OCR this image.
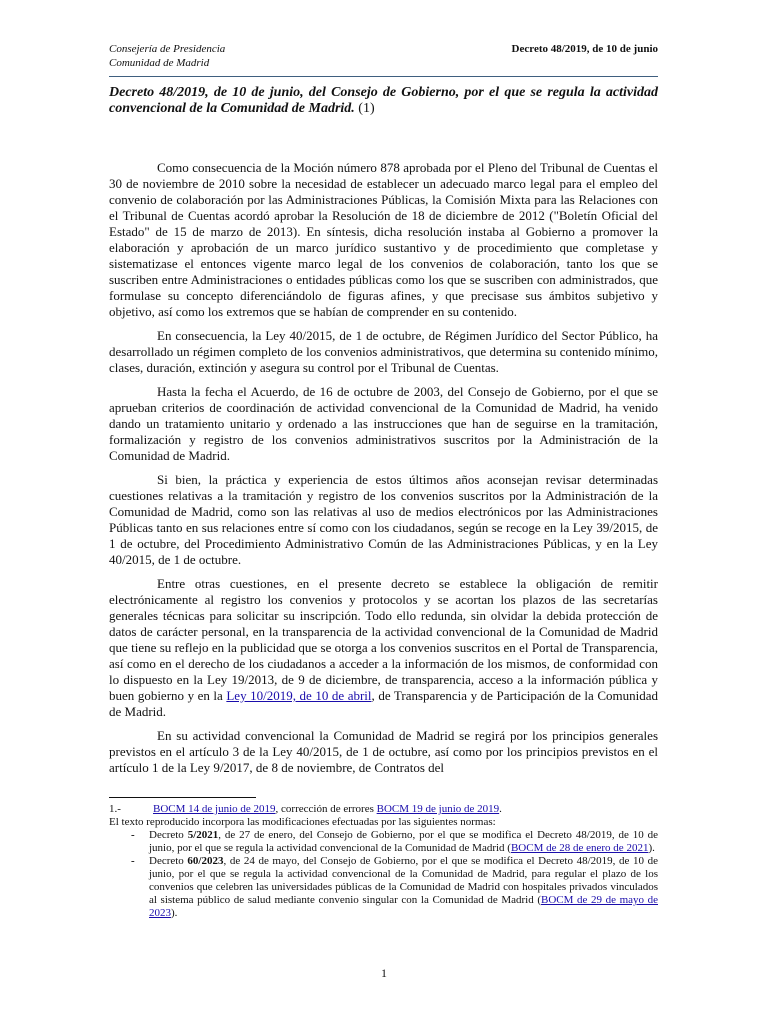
Consejería de Presidencia
Comunidad de Madrid
Decreto 48/2019, de 10 de junio
Decreto 48/2019, de 10 de junio, del Consejo de Gobierno, por el que se regula la actividad convencional de la Comunidad de Madrid. (1)

Como consecuencia de la Moción número 878 aprobada por el Pleno del Tribunal de Cuentas el 30 de noviembre de 2010 sobre la necesidad de establecer un adecuado marco legal para el empleo del convenio de colaboración por las Administraciones Públicas, la Comisión Mixta para las Relaciones con el Tribunal de Cuentas acordó aprobar la Resolución de 18 de diciembre de 2012 ("Boletín Oficial del Estado" de 15 de marzo de 2013). En síntesis, dicha resolución instaba al Gobierno a promover la elaboración y aprobación de un marco jurídico sustantivo y de procedimiento que completase y sistematizase el entonces vigente marco legal de los convenios de colaboración, tanto los que se suscriben entre Administraciones o entidades públicas como los que se suscriben con administrados, que formulase su concepto diferenciándolo de figuras afines, y que precisase sus ámbitos subjetivo y objetivo, así como los extremos que se habían de comprender en su contenido.

En consecuencia, la Ley 40/2015, de 1 de octubre, de Régimen Jurídico del Sector Público, ha desarrollado un régimen completo de los convenios administrativos, que determina su contenido mínimo, clases, duración, extinción y asegura su control por el Tribunal de Cuentas.

Hasta la fecha el Acuerdo, de 16 de octubre de 2003, del Consejo de Gobierno, por el que se aprueban criterios de coordinación de actividad convencional de la Comunidad de Madrid, ha venido dando un tratamiento unitario y ordenado a las instrucciones que han de seguirse en la tramitación, formalización y registro de los convenios administrativos suscritos por la Administración de la Comunidad de Madrid.

Si bien, la práctica y experiencia de estos últimos años aconsejan revisar determinadas cuestiones relativas a la tramitación y registro de los convenios suscritos por la Administración de la Comunidad de Madrid, como son las relativas al uso de medios electrónicos por las Administraciones Públicas tanto en sus relaciones entre sí como con los ciudadanos, según se recoge en la Ley 39/2015, de 1 de octubre, del Procedimiento Administrativo Común de las Administraciones Públicas, y en la Ley 40/2015, de 1 de octubre.

Entre otras cuestiones, en el presente decreto se establece la obligación de remitir electrónicamente al registro los convenios y protocolos y se acortan los plazos de las secretarías generales técnicas para solicitar su inscripción. Todo ello redunda, sin olvidar la debida protección de datos de carácter personal, en la transparencia de la actividad convencional de la Comunidad de Madrid que tiene su reflejo en la publicidad que se otorga a los convenios suscritos en el Portal de Transparencia, así como en el derecho de los ciudadanos a acceder a la información de los mismos, de conformidad con lo dispuesto en la Ley 19/2013, de 9 de diciembre, de transparencia, acceso a la información pública y buen gobierno y en la Ley 10/2019, de 10 de abril, de Transparencia y de Participación de la Comunidad de Madrid.

En su actividad convencional la Comunidad de Madrid se regirá por los principios generales previstos en el artículo 3 de la Ley 40/2015, de 1 de octubre, así como por los principios previstos en el artículo 1 de la Ley 9/2017, de 8 de noviembre, de Contratos del

1.-	BOCM 14 de junio de 2019, corrección de errores BOCM 19 de junio de 2019.
El texto reproducido incorpora las modificaciones efectuadas por las siguientes normas:
- Decreto 5/2021, de 27 de enero, del Consejo de Gobierno, por el que se modifica el Decreto 48/2019, de 10 de junio, por el que se regula la actividad convencional de la Comunidad de Madrid (BOCM de 28 de enero de 2021).
- Decreto 60/2023, de 24 de mayo, del Consejo de Gobierno, por el que se modifica el Decreto 48/2019, de 10 de junio, por el que se regula la actividad convencional de la Comunidad de Madrid, para regular el plazo de los convenios que celebren las universidades públicas de la Comunidad de Madrid con hospitales privados vinculados al sistema público de salud mediante convenio singular con la Comunidad de Madrid (BOCM de 29 de mayo de 2023).
1
